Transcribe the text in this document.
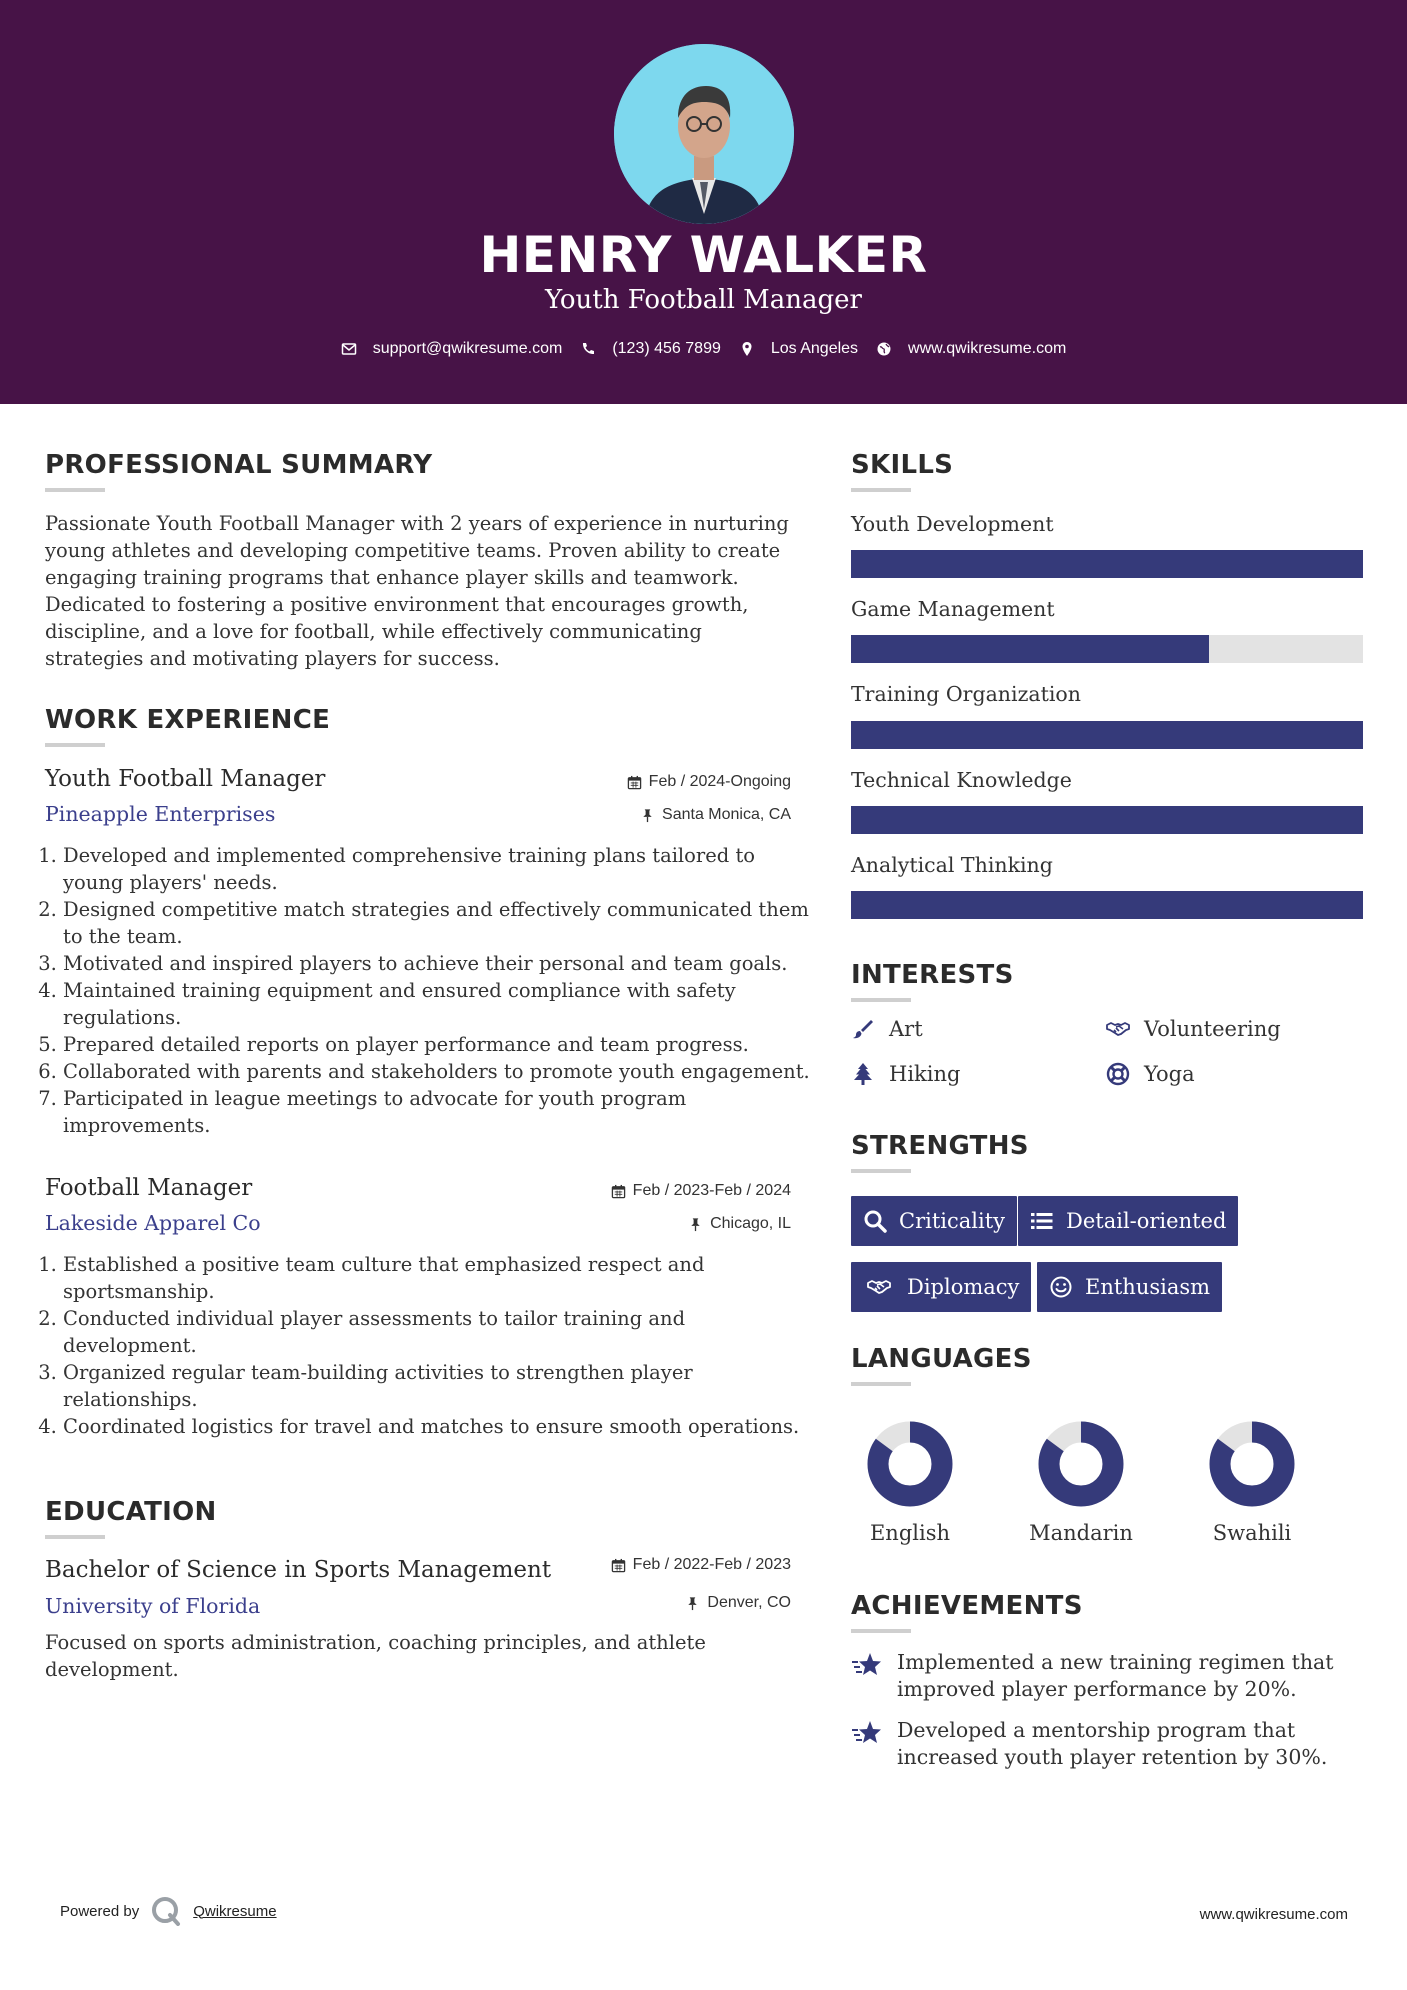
HENRY WALKER
Youth Football Manager
support@qwikresume.com	(123) 456 7899	Los Angeles	www.qwikresume.com
PROFESSIONAL SUMMARY
Passionate Youth Football Manager with 2 years of experience in nurturing young athletes and developing competitive teams. Proven ability to create engaging training programs that enhance player skills and teamwork. Dedicated to fostering a positive environment that encourages growth, discipline, and a love for football, while effectively communicating strategies and motivating players for success.
WORK EXPERIENCE
Youth Football Manager	Feb / 2024-Ongoing
Pineapple Enterprises	Santa Monica, CA
1. Developed and implemented comprehensive training plans tailored to young players' needs.
2. Designed competitive match strategies and effectively communicated them to the team.
3. Motivated and inspired players to achieve their personal and team goals.
4. Maintained training equipment and ensured compliance with safety regulations.
5. Prepared detailed reports on player performance and team progress.
6. Collaborated with parents and stakeholders to promote youth engagement.
7. Participated in league meetings to advocate for youth program improvements.
Football Manager	Feb / 2023-Feb / 2024
Lakeside Apparel Co	Chicago, IL
1. Established a positive team culture that emphasized respect and sportsmanship.
2. Conducted individual player assessments to tailor training and development.
3. Organized regular team-building activities to strengthen player relationships.
4. Coordinated logistics for travel and matches to ensure smooth operations.
EDUCATION
Bachelor of Science in Sports Management	Feb / 2022-Feb / 2023
University of Florida	Denver, CO
Focused on sports administration, coaching principles, and athlete development.
SKILLS
Youth Development
Game Management
Training Organization
Technical Knowledge
Analytical Thinking
INTERESTS
Art	Volunteering
Hiking	Yoga
STRENGTHS
Criticality	Detail-oriented
Diplomacy	Enthusiasm
LANGUAGES
English	Mandarin	Swahili
ACHIEVEMENTS
Implemented a new training regimen that improved player performance by 20%.
Developed a mentorship program that increased youth player retention by 30%.
Powered by	Qwikresume	www.qwikresume.com
